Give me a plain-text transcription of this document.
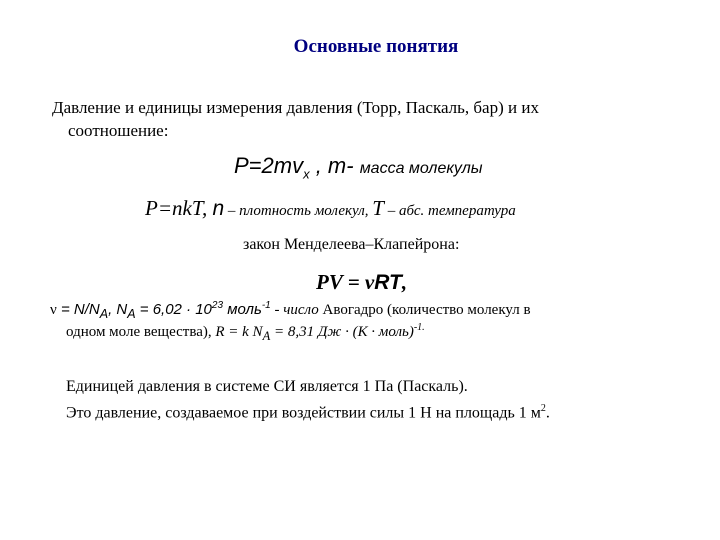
Основные понятия
Давление и единицы измерения давления (Торр, Паскаль, бар) и их
соотношение:
$P=2mv_x$ , m- масса молекулы
P=nkT, n – плотность молекул, T – абс. температура
закон Менделеева–Клапейрона:
PV = νRT,
$\nu = N/N_A$, $N_A = 6,02 \cdot 10^{23}$ моль$^{-1}$ - число Авогадро (количество молекул в
одном моле вещества), R = k $N_A = 8,31$ Дж · (К · моль)$^{-1.}$
Единицей давления в системе СИ является 1 Па (Паскаль).
Это давление, создаваемое при воздействии силы 1 Н на площадь 1 $м^2$.
